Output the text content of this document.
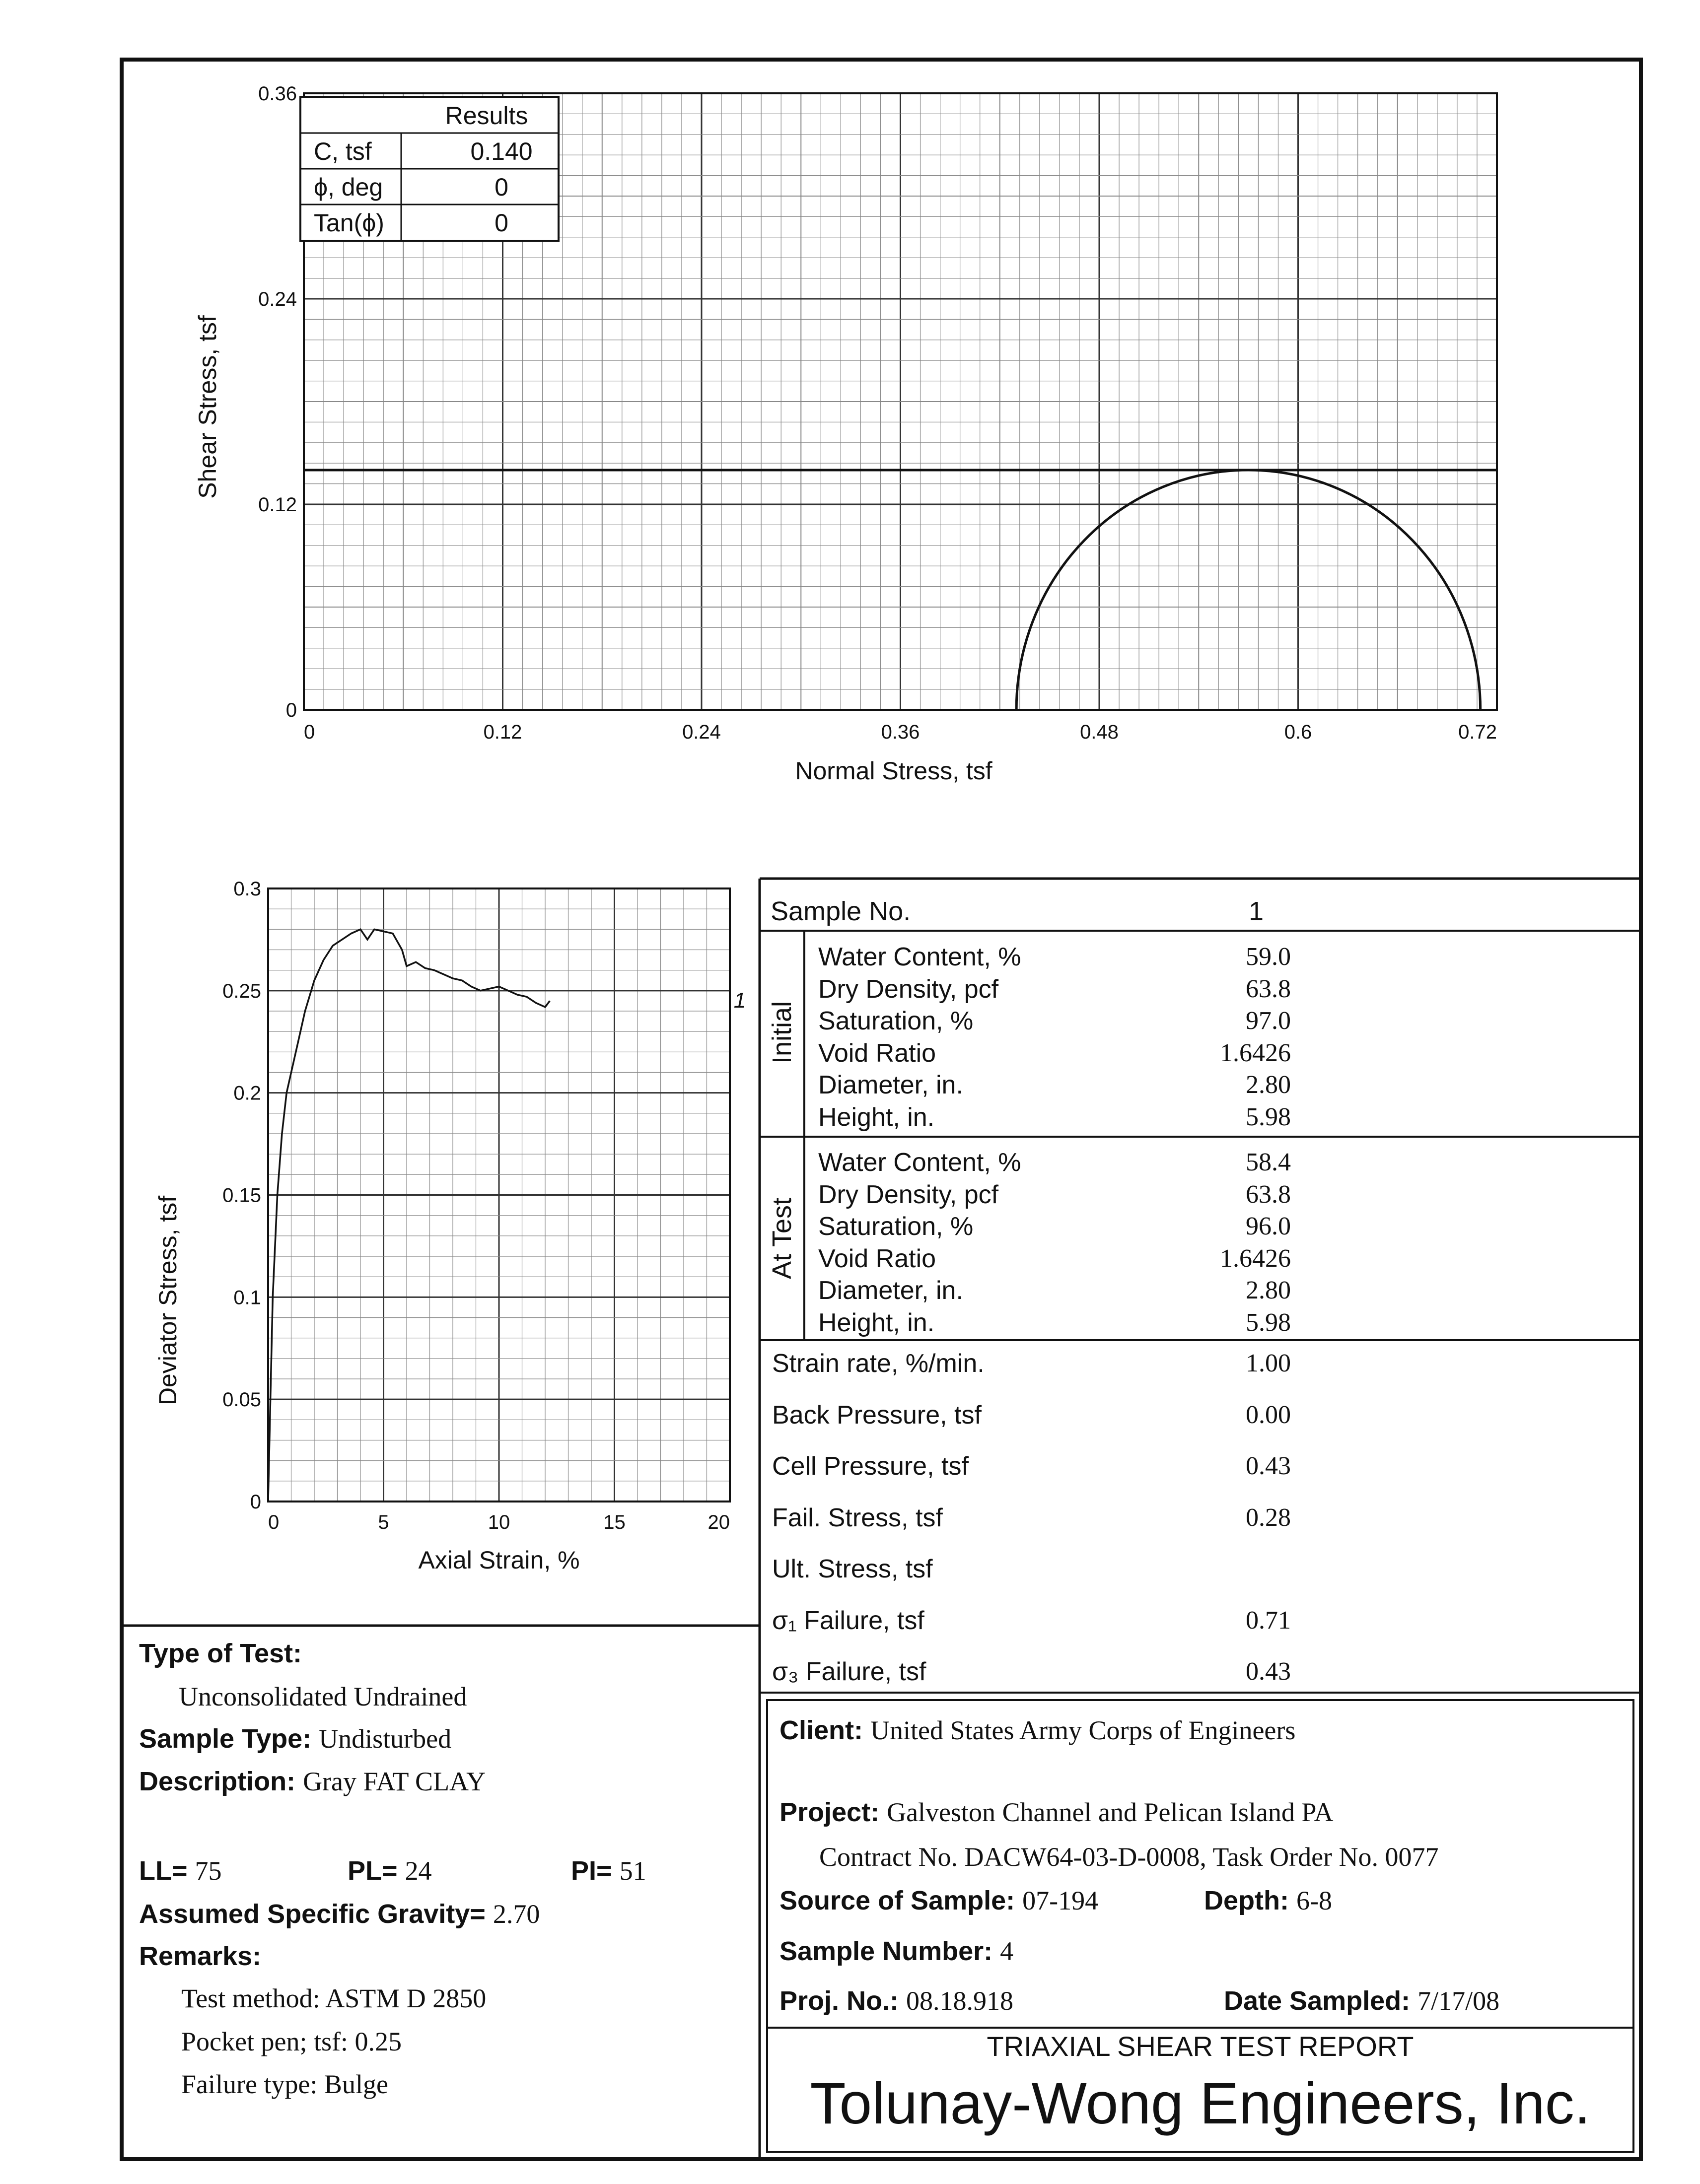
0	0.12	0.24	0.36	0.48	0.6	0.72
0
0.12
0.24
0.36
Normal Stress, tsf
Shear Stress, tsf
Results
C, tsf	0.140
ϕ, deg	0
Tan(ϕ)	0
0	5	10	15	20
0
0.05
0.1
0.15
0.2
0.25
0.3
1
Axial Strain, %
Deviator Stress, tsf
Sample No.	1
Initial
At Test
Water Content, %	59.0
Dry Density, pcf	63.8
Saturation, %	97.0
Void Ratio	1.6426
Diameter, in.	2.80
Height, in.	5.98
Water Content, %	58.4
Dry Density, pcf	63.8
Saturation, %	96.0
Void Ratio	1.6426
Diameter, in.	2.80
Height, in.	5.98
Strain rate, %/min.	1.00
Back Pressure, tsf	0.00
Cell Pressure, tsf	0.43
Fail. Stress, tsf	0.28
Ult. Stress, tsf
σ₁ Failure, tsf	0.71
σ₃ Failure, tsf	0.43
Type of Test:
Unconsolidated Undrained
Sample Type: Undisturbed
Description: Gray FAT CLAY
LL= 75	PL= 24	PI= 51
Assumed Specific Gravity= 2.70
Remarks:
Test method: ASTM D 2850
Pocket pen; tsf: 0.25
Failure type: Bulge
Client: United States Army Corps of Engineers
Project: Galveston Channel and Pelican Island PA
Contract No. DACW64-03-D-0008, Task Order No. 0077
Source of Sample: 07-194	Depth: 6-8
Sample Number: 4
Proj. No.: 08.18.918	Date Sampled: 7/17/08
TRIAXIAL SHEAR TEST REPORT
Tolunay-Wong Engineers, Inc.
